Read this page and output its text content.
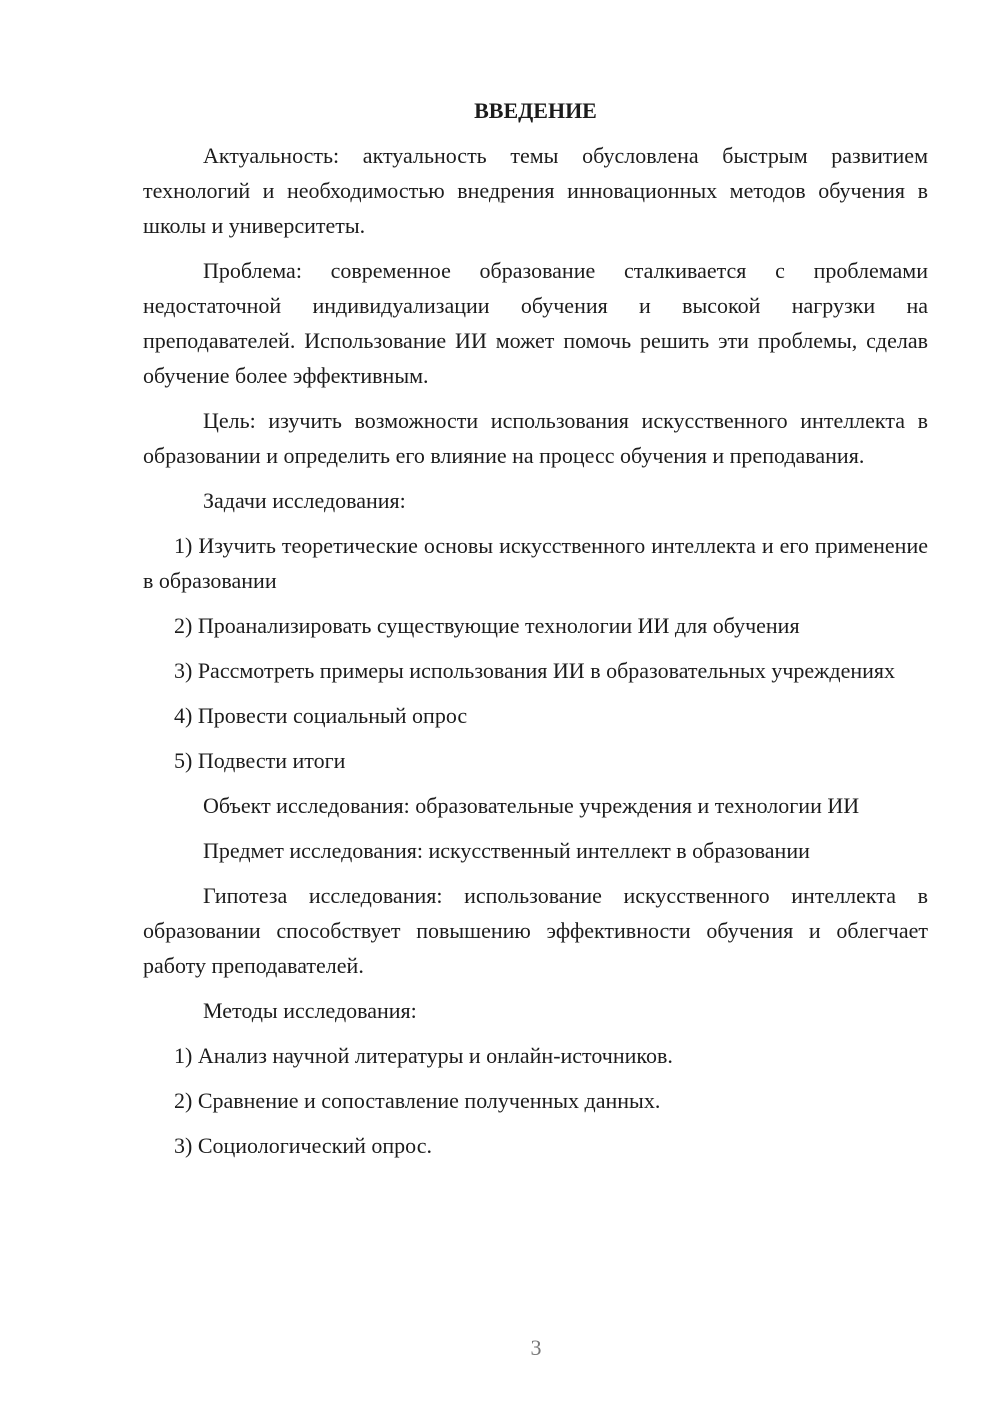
ВВЕДЕНИЕ

Актуальность: актуальность темы обусловлена быстрым развитием технологий и необходимостью внедрения инновационных методов обучения в школы и университеты.

Проблема: современное образование сталкивается с проблемами недостаточной индивидуализации обучения и высокой нагрузки на преподавателей. Использование ИИ может помочь решить эти проблемы, сделав обучение более эффективным.

Цель: изучить возможности использования искусственного интеллекта в образовании и определить его влияние на процесс обучения и преподавания.

Задачи исследования:

1) Изучить теоретические основы искусственного интеллекта и его применение в образовании

2) Проанализировать существующие технологии ИИ для обучения

3) Рассмотреть примеры использования ИИ в образовательных учреждениях

4) Провести социальный опрос

5) Подвести итоги

Объект исследования: образовательные учреждения и технологии ИИ

Предмет исследования: искусственный интеллект в образовании

Гипотеза исследования: использование искусственного интеллекта в образовании способствует повышению эффективности обучения и облегчает работу преподавателей.

Методы исследования:

1) Анализ научной литературы и онлайн-источников.

2) Сравнение и сопоставление полученных данных.

3) Социологический опрос.

3
